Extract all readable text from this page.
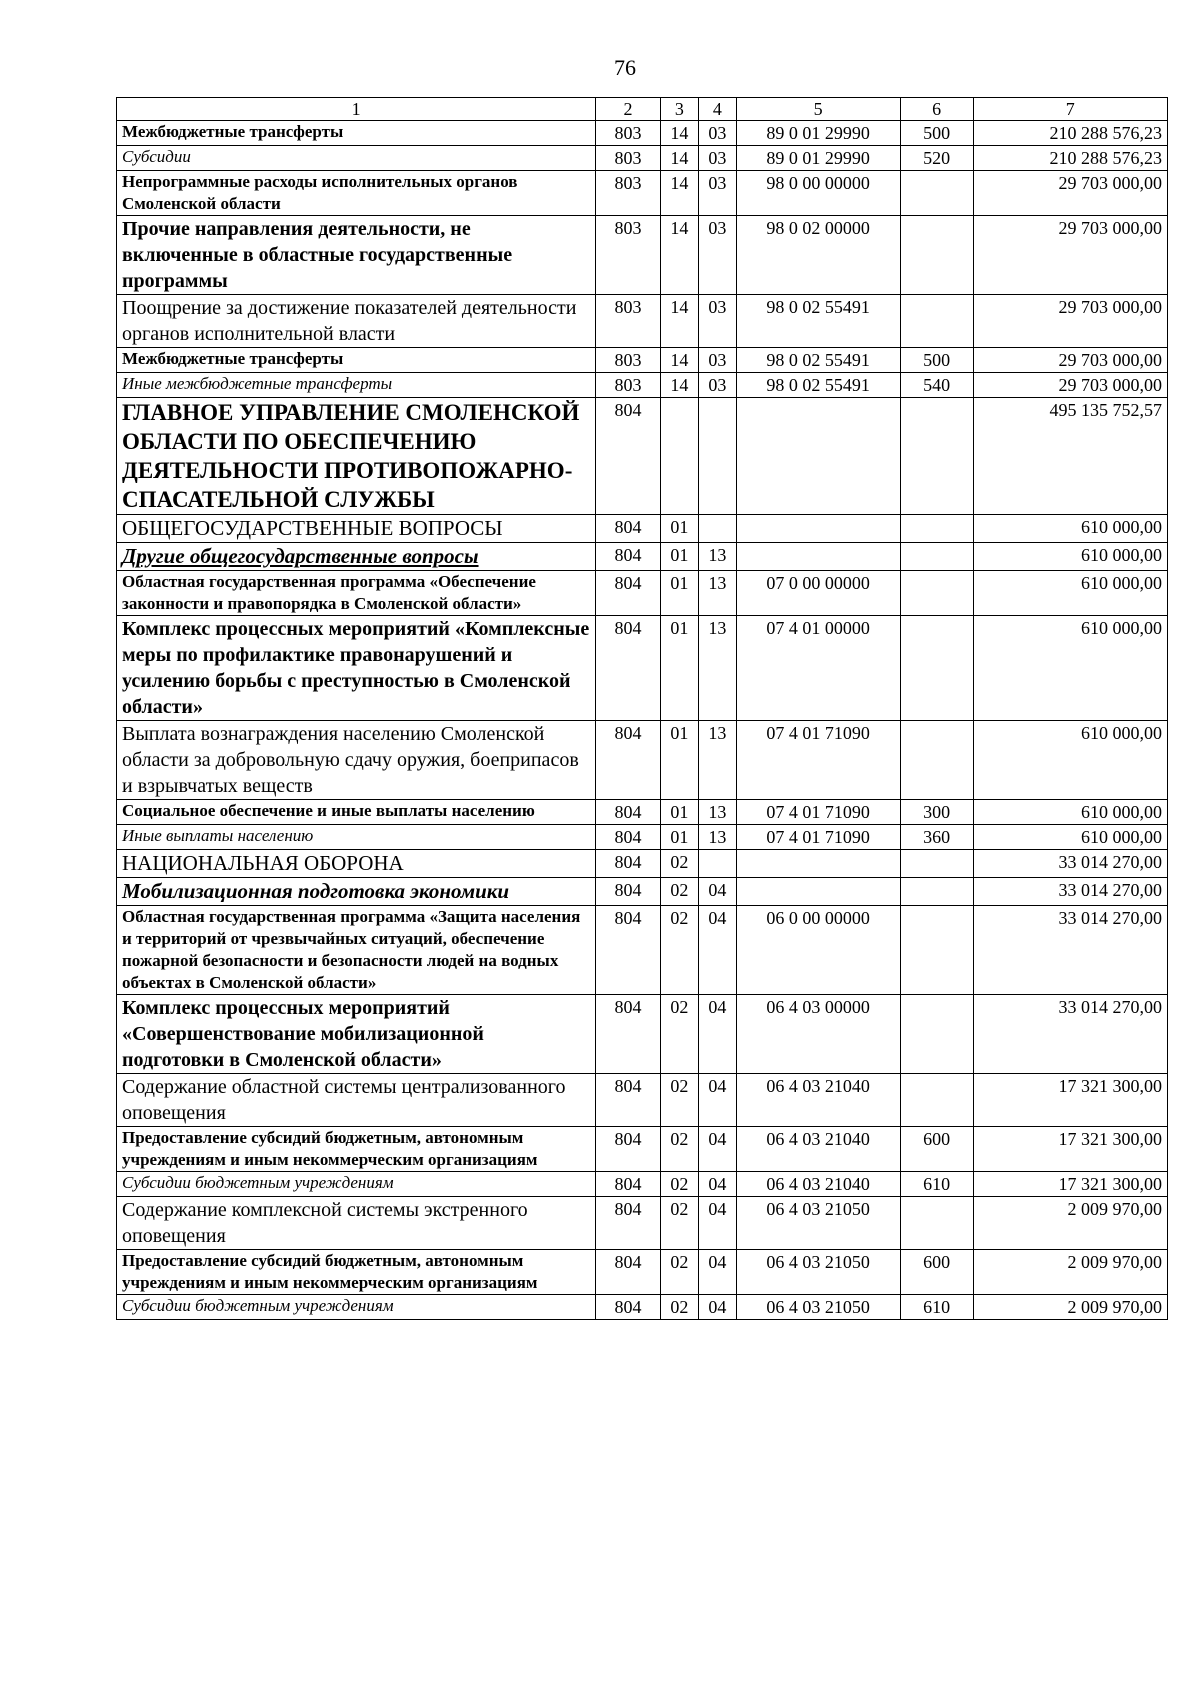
76
1	2	3	4	5	6	7
Межбюджетные трансферты	803	14	03	89 0 01 29990	500	210 288 576,23
Субсидии	803	14	03	89 0 01 29990	520	210 288 576,23
Непрограммные расходы исполнительных органов Смоленской области	803	14	03	98 0 00 00000		29 703 000,00
Прочие направления деятельности, не включенные в областные государственные программы	803	14	03	98 0 02 00000		29 703 000,00
Поощрение за достижение показателей деятельности органов исполнительной власти	803	14	03	98 0 02 55491		29 703 000,00
Межбюджетные трансферты	803	14	03	98 0 02 55491	500	29 703 000,00
Иные межбюджетные трансферты	803	14	03	98 0 02 55491	540	29 703 000,00
ГЛАВНОЕ УПРАВЛЕНИЕ СМОЛЕНСКОЙ ОБЛАСТИ ПО ОБЕСПЕЧЕНИЮ ДЕЯТЕЛЬНОСТИ ПРОТИВОПОЖАРНО-СПАСАТЕЛЬНОЙ СЛУЖБЫ	804					495 135 752,57
ОБЩЕГОСУДАРСТВЕННЫЕ ВОПРОСЫ	804	01				610 000,00
Другие общегосударственные вопросы	804	01	13			610 000,00
Областная государственная программа «Обеспечение законности и правопорядка в Смоленской области»	804	01	13	07 0 00 00000		610 000,00
Комплекс процессных мероприятий «Комплексные меры по профилактике правонарушений и усилению борьбы с преступностью в Смоленской области»	804	01	13	07 4 01 00000		610 000,00
Выплата вознаграждения населению Смоленской области за добровольную сдачу оружия, боеприпасов и взрывчатых веществ	804	01	13	07 4 01 71090		610 000,00
Социальное обеспечение и иные выплаты населению	804	01	13	07 4 01 71090	300	610 000,00
Иные выплаты населению	804	01	13	07 4 01 71090	360	610 000,00
НАЦИОНАЛЬНАЯ ОБОРОНА	804	02				33 014 270,00
Мобилизационная подготовка экономики	804	02	04			33 014 270,00
Областная государственная программа «Защита населения и территорий от чрезвычайных ситуаций, обеспечение пожарной безопасности и безопасности людей на водных объектах в Смоленской области»	804	02	04	06 0 00 00000		33 014 270,00
Комплекс процессных мероприятий «Совершенствование мобилизационной подготовки в Смоленской области»	804	02	04	06 4 03 00000		33 014 270,00
Содержание областной системы централизованного оповещения	804	02	04	06 4 03 21040		17 321 300,00
Предоставление субсидий бюджетным, автономным учреждениям и иным некоммерческим организациям	804	02	04	06 4 03 21040	600	17 321 300,00
Субсидии бюджетным учреждениям	804	02	04	06 4 03 21040	610	17 321 300,00
Содержание комплексной системы экстренного оповещения	804	02	04	06 4 03 21050		2 009 970,00
Предоставление субсидий бюджетным, автономным учреждениям и иным некоммерческим организациям	804	02	04	06 4 03 21050	600	2 009 970,00
Субсидии бюджетным учреждениям	804	02	04	06 4 03 21050	610	2 009 970,00
